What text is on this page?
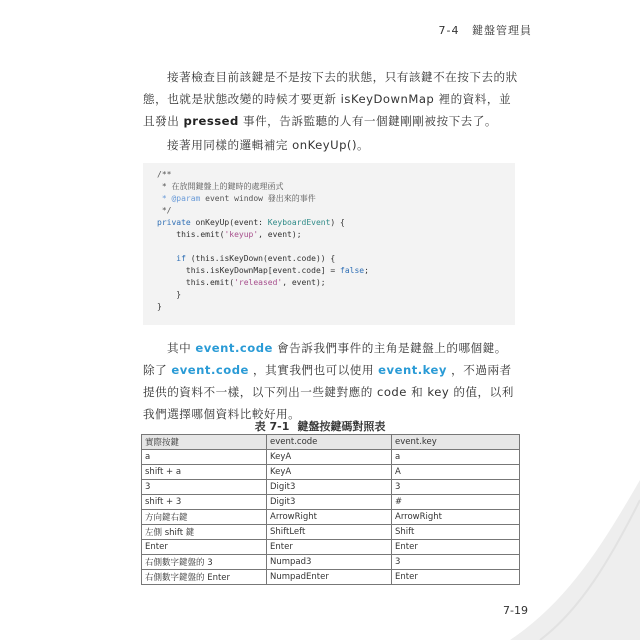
7-4 鍵盤管理員
接著檢查目前該鍵是不是按下去的狀態，只有該鍵不在按下去的狀態，也就是狀態改變的時候才要更新 isKeyDownMap 裡的資料，並且發出 pressed 事件，告訴監聽的人有一個鍵剛剛被按下去了。
接著用同樣的邏輯補完 onKeyUp()。
/**
* 在放開鍵盤上的鍵時的處理函式
* @param event window 發出來的事件
*/
private onKeyUp(event: KeyboardEvent) {
this.emit('keyup', event);
if (this.isKeyDown(event.code)) {
this.isKeyDownMap[event.code] = false;
this.emit('released', event);
}
}
其中 event.code 會告訴我們事件的主角是鍵盤上的哪個鍵。除了 event.code ，其實我們也可以使用 event.key ，不過兩者提供的資料不一樣，以下列出一些鍵對應的 code 和 key 的值，以利我們選擇哪個資料比較好用。
表 7-1 鍵盤按鍵碼對照表
實際按鍵	event.code	event.key
a	KeyA	a
shift + a	KeyA	A
3	Digit3	3
shift + 3	Digit3	#
方向鍵右鍵	ArrowRight	ArrowRight
左側 shift 鍵	ShiftLeft	Shift
Enter	Enter	Enter
右側數字鍵盤的 3	Numpad3	3
右側數字鍵盤的 Enter	NumpadEnter	Enter
7-19
